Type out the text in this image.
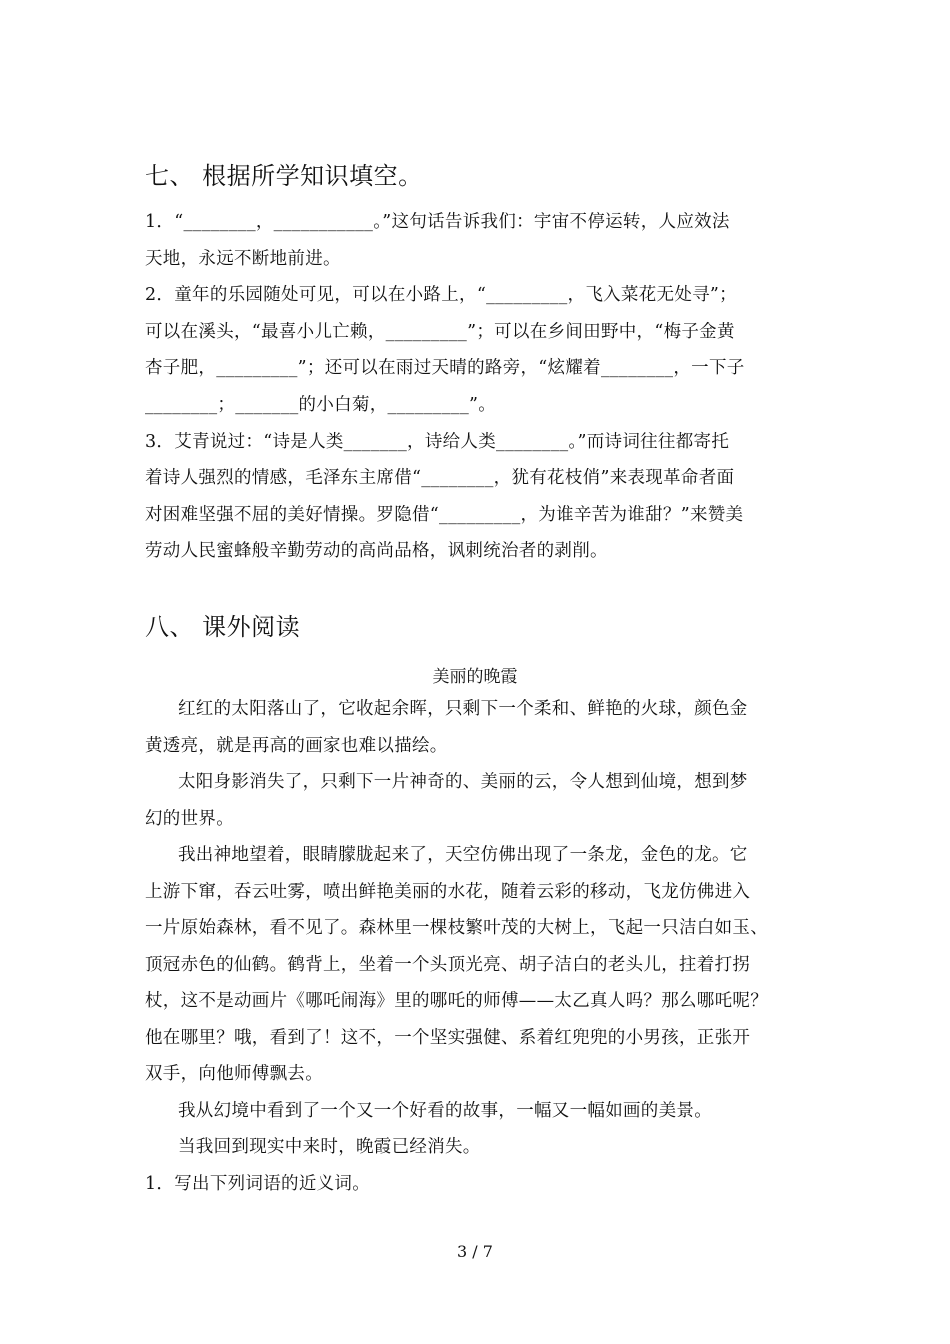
七、 根据所学知识填空。
1．“________，___________。”这句话告诉我们：宇宙不停运转，人应效法
天地，永远不断地前进。
2．童年的乐园随处可见，可以在小路上，“_________，飞入菜花无处寻”；
可以在溪头，“最喜小儿亡赖，_________”；可以在乡间田野中，“梅子金黄
杏子肥，_________”；还可以在雨过天晴的路旁，“炫耀着________，一下子
________；_______的小白菊，_________”。
3．艾青说过：“诗是人类_______，诗给人类________。”而诗词往往都寄托
着诗人强烈的情感，毛泽东主席借“________，犹有花枝俏”来表现革命者面
对困难坚强不屈的美好情操。罗隐借“_________，为谁辛苦为谁甜？”来赞美
劳动人民蜜蜂般辛勤劳动的高尚品格，讽刺统治者的剥削。
八、 课外阅读
美丽的晚霞
红红的太阳落山了，它收起余晖，只剩下一个柔和、鲜艳的火球，颜色金
黄透亮，就是再高的画家也难以描绘。
太阳身影消失了，只剩下一片神奇的、美丽的云，令人想到仙境，想到梦
幻的世界。
我出神地望着，眼睛朦胧起来了，天空仿佛出现了一条龙，金色的龙。它
上游下窜，吞云吐雾，喷出鲜艳美丽的水花，随着云彩的移动，飞龙仿佛进入
一片原始森林，看不见了。森林里一棵枝繁叶茂的大树上，飞起一只洁白如玉、
顶冠赤色的仙鹤。鹤背上，坐着一个头顶光亮、胡子洁白的老头儿，拄着打拐
杖，这不是动画片《哪吒闹海》里的哪吒的师傅——太乙真人吗？那么哪吒呢？
他在哪里？哦，看到了！这不，一个坚实强健、系着红兜兜的小男孩，正张开
双手，向他师傅飘去。
我从幻境中看到了一个又一个好看的故事，一幅又一幅如画的美景。
当我回到现实中来时，晚霞已经消失。
1．写出下列词语的近义词。
3 / 7
